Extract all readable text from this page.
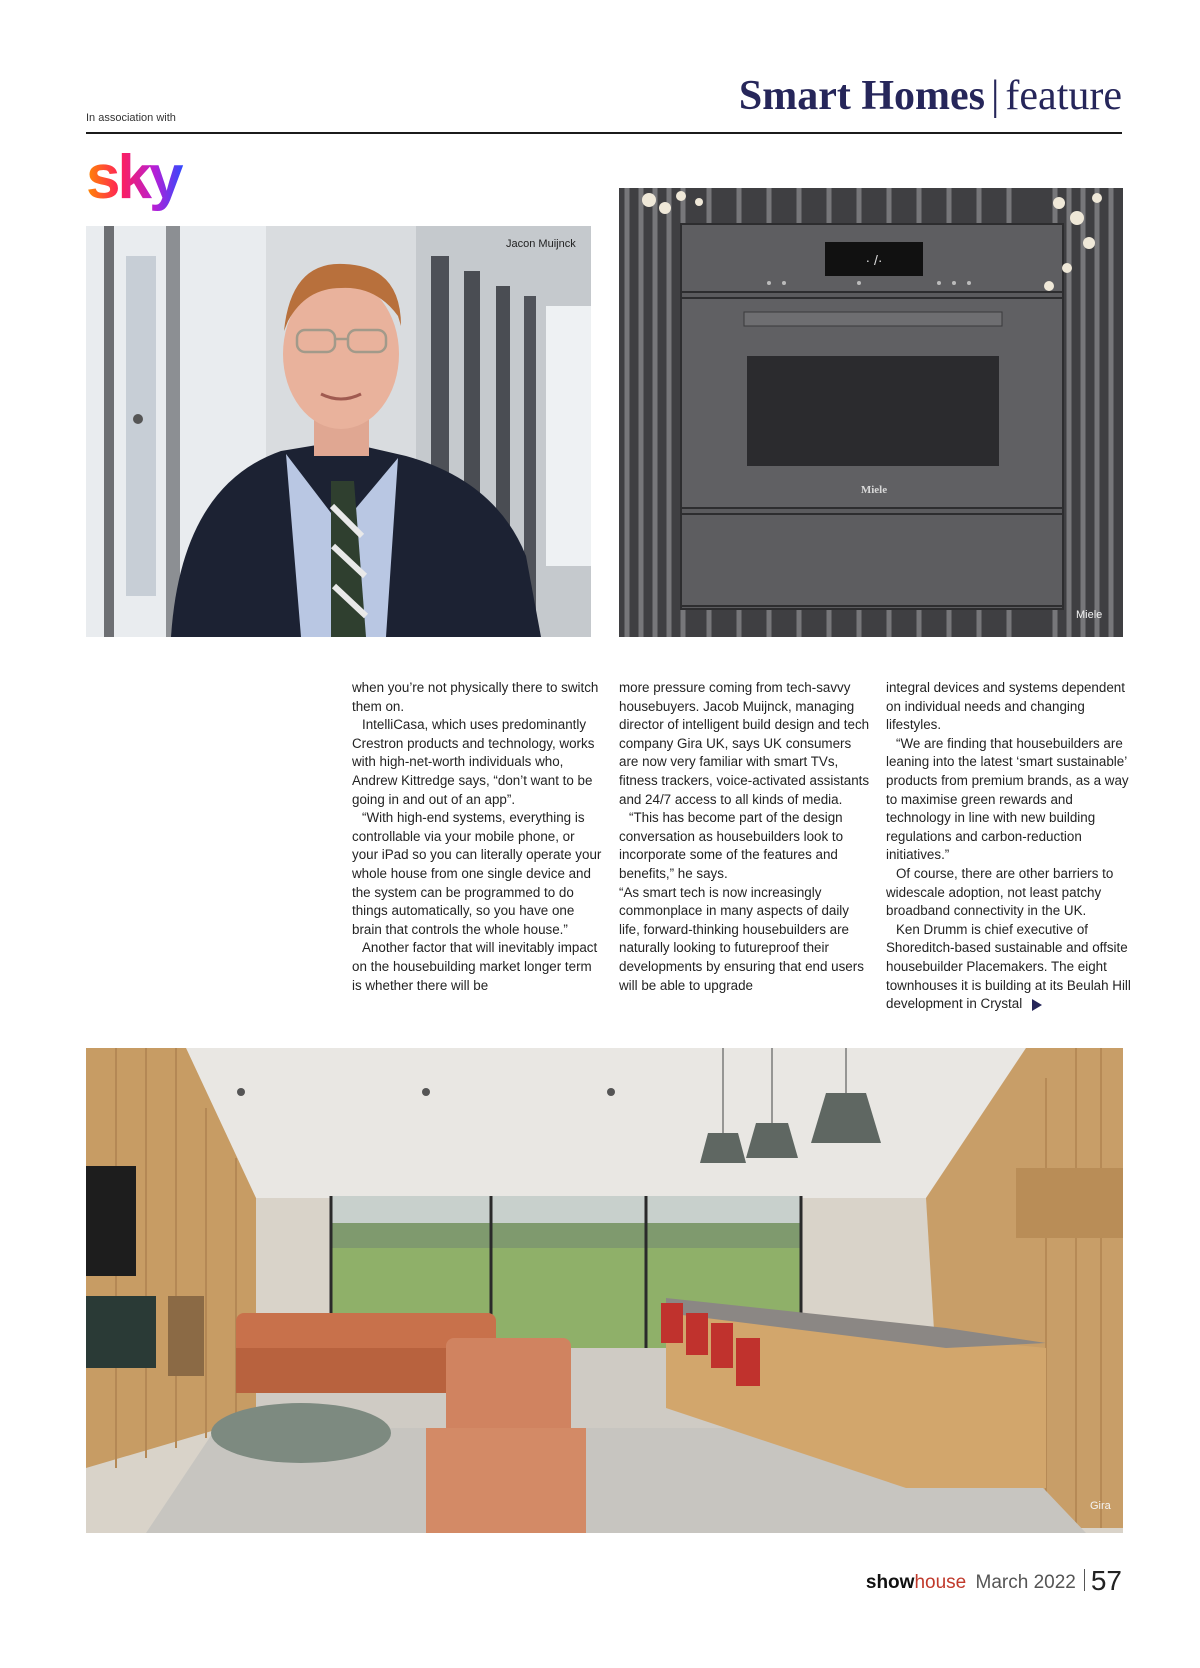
Smart Homes | feature
In association with
sky
Jacon Muijnck
· /·
Miele
Miele

when you’re not physically there to switch them on.

IntelliCasa, which uses predominantly Crestron products and technology, works with high-net-worth individuals who, Andrew Kittredge says, “don’t want to be going in and out of an app”.

“With high-end systems, everything is controllable via your mobile phone, or your iPad so you can literally operate your whole house from one single device and the system can be programmed to do things automatically, so you have one brain that controls the whole house.”

Another factor that will inevitably impact on the housebuilding market longer term is whether there will be

more pressure coming from tech-savvy housebuyers. Jacob Muijnck, managing director of intelligent build design and tech company Gira UK, says UK consumers are now very familiar with smart TVs, fitness trackers, voice-activated assistants and 24/7 access to all kinds of media.

“This has become part of the design conversation as housebuilders look to incorporate some of the features and benefits,” he says.

“As smart tech is now increasingly commonplace in many aspects of daily life, forward-thinking housebuilders are naturally looking to futureproof their developments by ensuring that end users will be able to upgrade

integral devices and systems dependent on individual needs and changing lifestyles.

“We are finding that housebuilders are leaning into the latest ‘smart sustainable’ products from premium brands, as a way to maximise green rewards and technology in line with new building regulations and carbon-reduction initiatives.”

Of course, there are other barriers to widescale adoption, not least patchy broadband connectivity in the UK.

Ken Drumm is chief executive of Shoreditch-based sustainable and offsite housebuilder Placemakers. The eight townhouses it is building at its Beulah Hill development in Crystal

Gira
showhouse March 2022 57
